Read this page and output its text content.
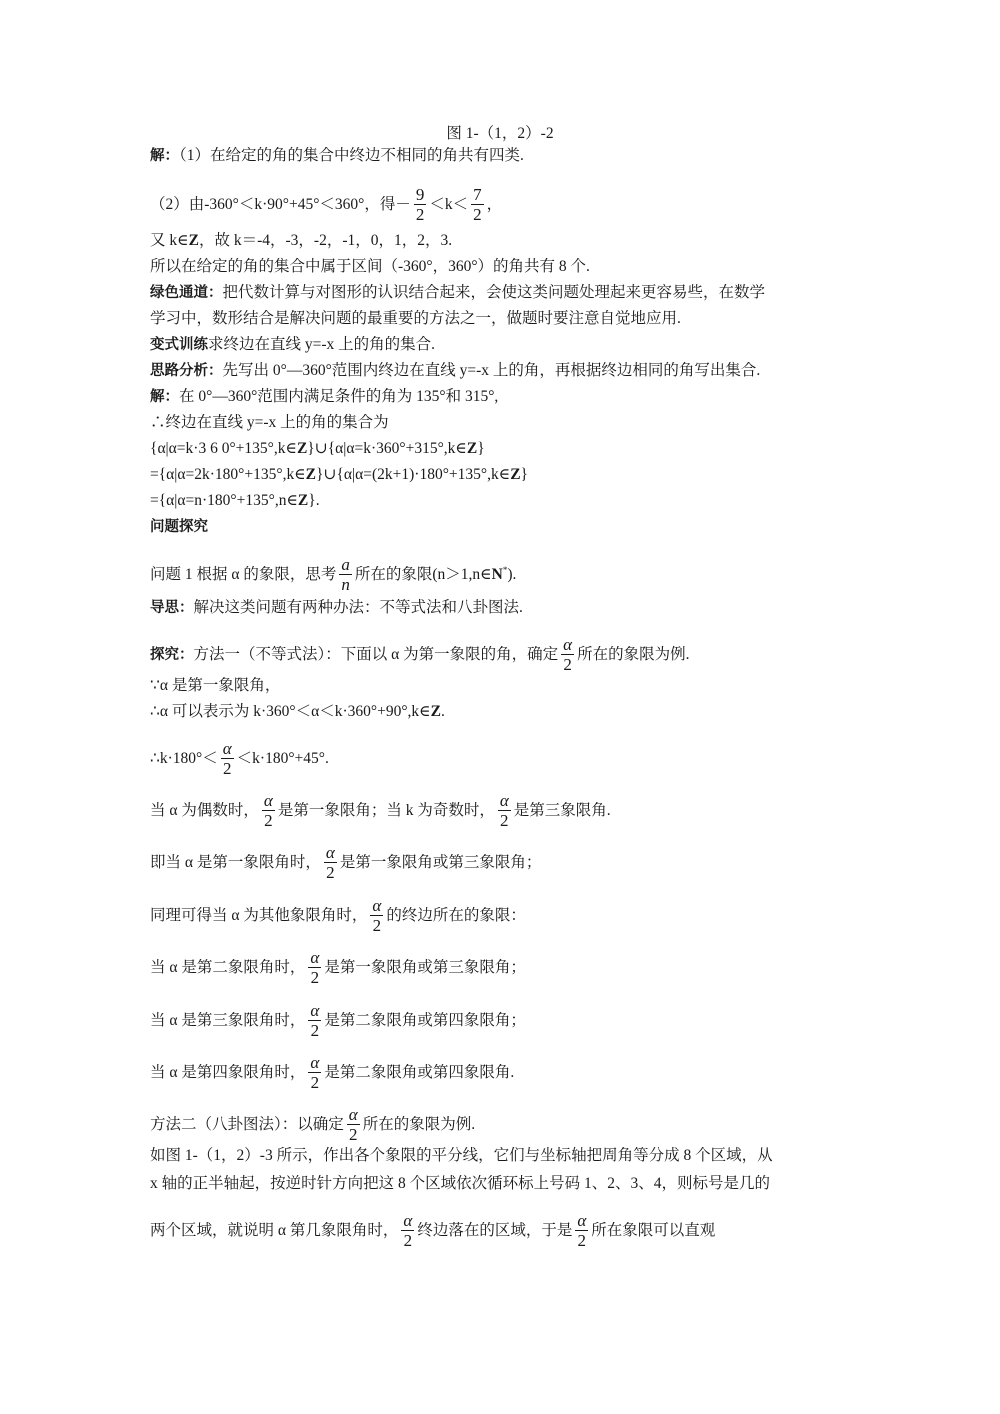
图 1-（1，2）-2
解：（1）在给定的角的集合中终边不相同的角共有四类.
（2）由-360°＜k·90°+45°＜360°，得－ $\frac{9}{2} <k< \frac{7}{2}$ ，
又 k∈Z，故 k＝-4，-3，-2，-1，0，1，2，3.
所以在给定的角的集合中属于区间（-360°，360°）的角共有 8 个.
绿色通道：把代数计算与对图形的认识结合起来，会使这类问题处理起来更容易些，在数学
学习中，数形结合是解决问题的最重要的方法之一，做题时要注意自觉地应用.
变式训练求终边在直线 y=-x 上的角的集合.
思路分析：先写出 0°—360°范围内终边在直线 y=-x 上的角，再根据终边相同的角写出集合.
解：在 0°—360°范围内满足条件的角为 135°和 315°,
∴终边在直线 y=-x 上的角的集合为
{α|α=k·3 6 0°+135°,k∈Z}∪{α|α=k·360°+315°,k∈Z}
={α|α=2k·180°+135°,k∈Z}∪{α|α=(2k+1)·180°+135°,k∈Z}
={α|α=n·180°+135°,n∈Z}.
问题探究
问题 1 根据 α 的象限，思考 $\frac{a}{n}$ 所在的象限(n＞1,n∈N*).
导思：解决这类问题有两种办法：不等式法和八卦图法.
探究：方法一（不等式法）：下面以 α 为第一象限的角，确定 $\frac{\alpha}{2}$ 所在的象限为例.
∵α 是第一象限角，
∴α 可以表示为 k·360°＜α＜k·360°+90°,k∈Z.
∴k·180°＜ $\frac{\alpha}{2} <k\cdot 180^\circ+45^\circ$.
当 α 为偶数时， $\frac{\alpha}{2}$ 是第一象限角；当 k 为奇数时， $\frac{\alpha}{2}$ 是第三象限角.
即当 α 是第一象限角时， $\frac{\alpha}{2}$ 是第一象限角或第三象限角；
同理可得当 α 为其他象限角时， $\frac{\alpha}{2}$ 的终边所在的象限：
当 α 是第二象限角时， $\frac{\alpha}{2}$ 是第一象限角或第三象限角；
当 α 是第三象限角时， $\frac{\alpha}{2}$ 是第二象限角或第四象限角；
当 α 是第四象限角时， $\frac{\alpha}{2}$ 是第二象限角或第四象限角.
方法二（八卦图法）：以确定 $\frac{\alpha}{2}$ 所在的象限为例.
如图 1-（1，2）-3 所示，作出各个象限的平分线，它们与坐标轴把周角等分成 8 个区域，从
x 轴的正半轴起，按逆时针方向把这 8 个区域依次循环标上号码 1、2、3、4，则标号是几的
两个区域，就说明 α 第几象限角时， $\frac{\alpha}{2}$ 终边落在的区域，于是 $\frac{\alpha}{2}$ 所在象限可以直观
